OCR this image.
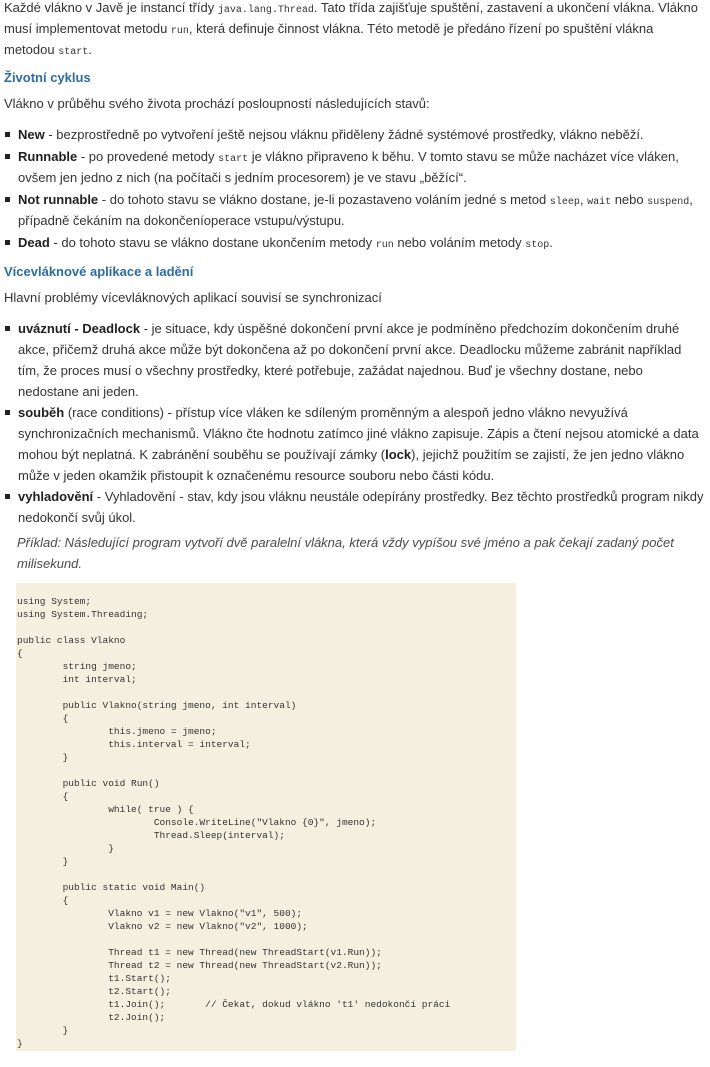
Každé vlákno v Javě je instancí třídy java.lang.Thread. Tato třída zajišťuje spuštění, zastavení a ukončení vlákna. Vlákno musí implementovat metodu run, která definuje činnost vlákna. Této metodě je předáno řízení po spuštění vlákna metodou start.

Životní cyklus

Vlákno v průběhu svého života prochází posloupností následujících stavů:

New - bezprostředně po vytvoření ještě nejsou vláknu přiděleny žádné systémové prostředky, vlákno neběží.
Runnable - po provedené metody start je vlákno připraveno k běhu. V tomto stavu se může nacházet více vláken, ovšem jen jedno z nich (na počítači s jedním procesorem) je ve stavu „běžící“.
Not runnable - do tohoto stavu se vlákno dostane, je-li pozastaveno voláním jedné s metod sleep, wait nebo suspend, případně čekáním na dokončeníoperace vstupu/výstupu.
Dead - do tohoto stavu se vlákno dostane ukončením metody run nebo voláním metody stop.
Vícevláknové aplikace a ladění

Hlavní problémy vícevláknových aplikací souvisí se synchronizací

uváznutí - Deadlock - je situace, kdy úspěšné dokončení první akce je podmíněno předchozím dokončením druhé akce, přičemž druhá akce může být dokončena až po dokončení první akce. Deadlocku můžeme zabránit například tím, že proces musí o všechny prostředky, které potřebuje, zažádat najednou. Buď je všechny dostane, nebo nedostane ani jeden.
souběh (race conditions) - přístup více vláken ke sdíleným proměnným a alespoň jedno vlákno nevyužívá synchronizačních mechanismů. Vlákno čte hodnotu zatímco jiné vlákno zapisuje. Zápis a čtení nejsou atomické a data mohou být neplatná. K zabránění souběhu se používají zámky (lock), jejichž použitím se zajistí, že jen jedno vlákno může v jeden okamžik přistoupit k označenému resource souboru nebo části kódu.
vyhladovění - Vyhladovění - stav, kdy jsou vláknu neustále odepírány prostředky. Bez těchto prostředků program nikdy nedokončí svůj úkol.

Příklad: Následující program vytvoří dvě paralelní vlákna, která vždy vypíšou své jméno a pak čekají zadaný počet milisekund.

using System;
using System.Threading;

public class Vlakno
{
string jmeno;
int interval;

public Vlakno(string jmeno, int interval)
{
this.jmeno = jmeno;
this.interval = interval;
}

public void Run()
{
while( true ) {
Console.WriteLine("Vlakno {0}", jmeno);
Thread.Sleep(interval);
}
}

public static void Main()
{
Vlakno v1 = new Vlakno("v1", 500);
Vlakno v2 = new Vlakno("v2", 1000);

Thread t1 = new Thread(new ThreadStart(v1.Run));
Thread t2 = new Thread(new ThreadStart(v2.Run));
t1.Start();
t2.Start();
t1.Join();       // Čekat, dokud vlákno 't1' nedokončí práci
t2.Join();
}
}
